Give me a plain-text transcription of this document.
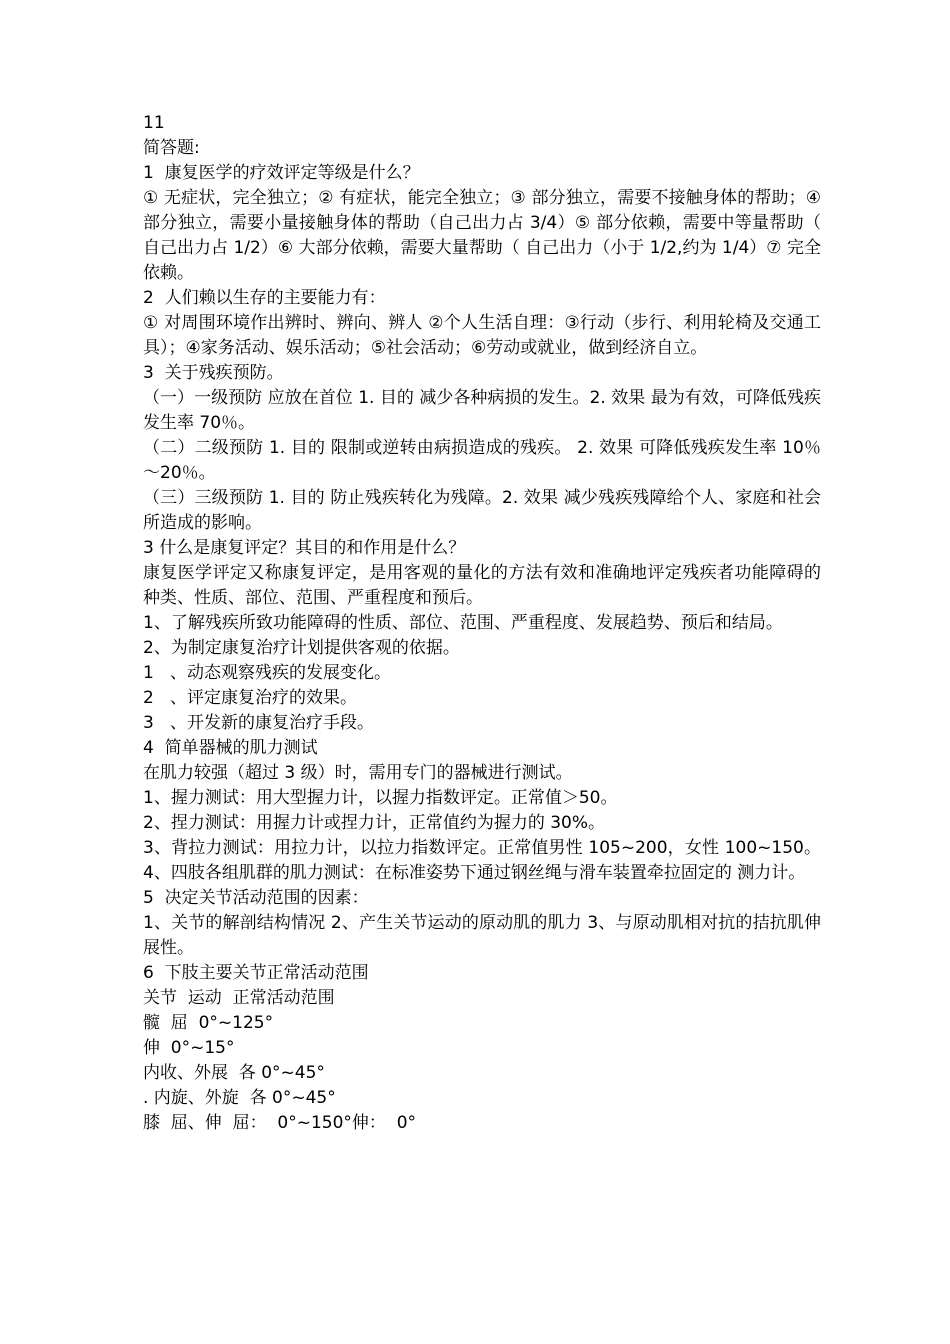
11
简答题:
1  康复医学的疗效评定等级是什么？
① 无症状，完全独立；② 有症状，能完全独立；③ 部分独立，需要不接触身体的帮助；④ 部分独立，需要小量接触身体的帮助（自己出力占 3/4）⑤ 部分依赖，需要中等量帮助（ 自己出力占 1/2）⑥ 大部分依赖，需要大量帮助（ 自己出力（小于 1/2,约为 1/4）⑦ 完全依赖。
2  人们赖以生存的主要能力有：
① 对周围环境作出辨时、辨向、辨人 ②个人生活自理：③行动（步行、利用轮椅及交通工具）；④家务活动、娱乐活动；⑤社会活动；⑥劳动或就业，做到经济自立。
3  关于残疾预防。
（一）一级预防 应放在首位 1. 目的 减少各种病损的发生。2. 效果 最为有效，可降低残疾发生率 70％。
（二）二级预防 1. 目的 限制或逆转由病损造成的残疾。 2. 效果 可降低残疾发生率 10％～20％。
（三）三级预防 1. 目的 防止残疾转化为残障。2. 效果 减少残疾残障给个人、家庭和社会所造成的影响。
3 什么是康复评定？其目的和作用是什么？
康复医学评定又称康复评定，是用客观的量化的方法有效和准确地评定残疾者功能障碍的种类、性质、部位、范围、严重程度和预后。
1、了解残疾所致功能障碍的性质、部位、范围、严重程度、发展趋势、预后和结局。
2、为制定康复治疗计划提供客观的依据。
1   、动态观察残疾的发展变化。
2   、评定康复治疗的效果。
3   、开发新的康复治疗手段。
4  简单器械的肌力测试
在肌力较强（超过 3 级）时，需用专门的器械进行测试。
1、握力测试：用大型握力计，以握力指数评定。正常值＞50。
2、捏力测试：用握力计或捏力计，正常值约为握力的 30%。
3、背拉力测试：用拉力计，以拉力指数评定。正常值男性 105~200，女性 100~150。 4、四肢各组肌群的肌力测试：在标准姿势下通过钢丝绳与滑车装置牵拉固定的 测力计。
5  决定关节活动范围的因素：
1、关节的解剖结构情况 2、产生关节运动的原动肌的肌力 3、与原动肌相对抗的拮抗肌伸展性。
6  下肢主要关节正常活动范围
关节  运动  正常活动范围
髋  屈  0°~125°
伸  0°~15°
内收、外展  各 0°~45°
. 内旋、外旋  各 0°~45°
膝  屈、伸  屈：  0°~150°伸：  0°
